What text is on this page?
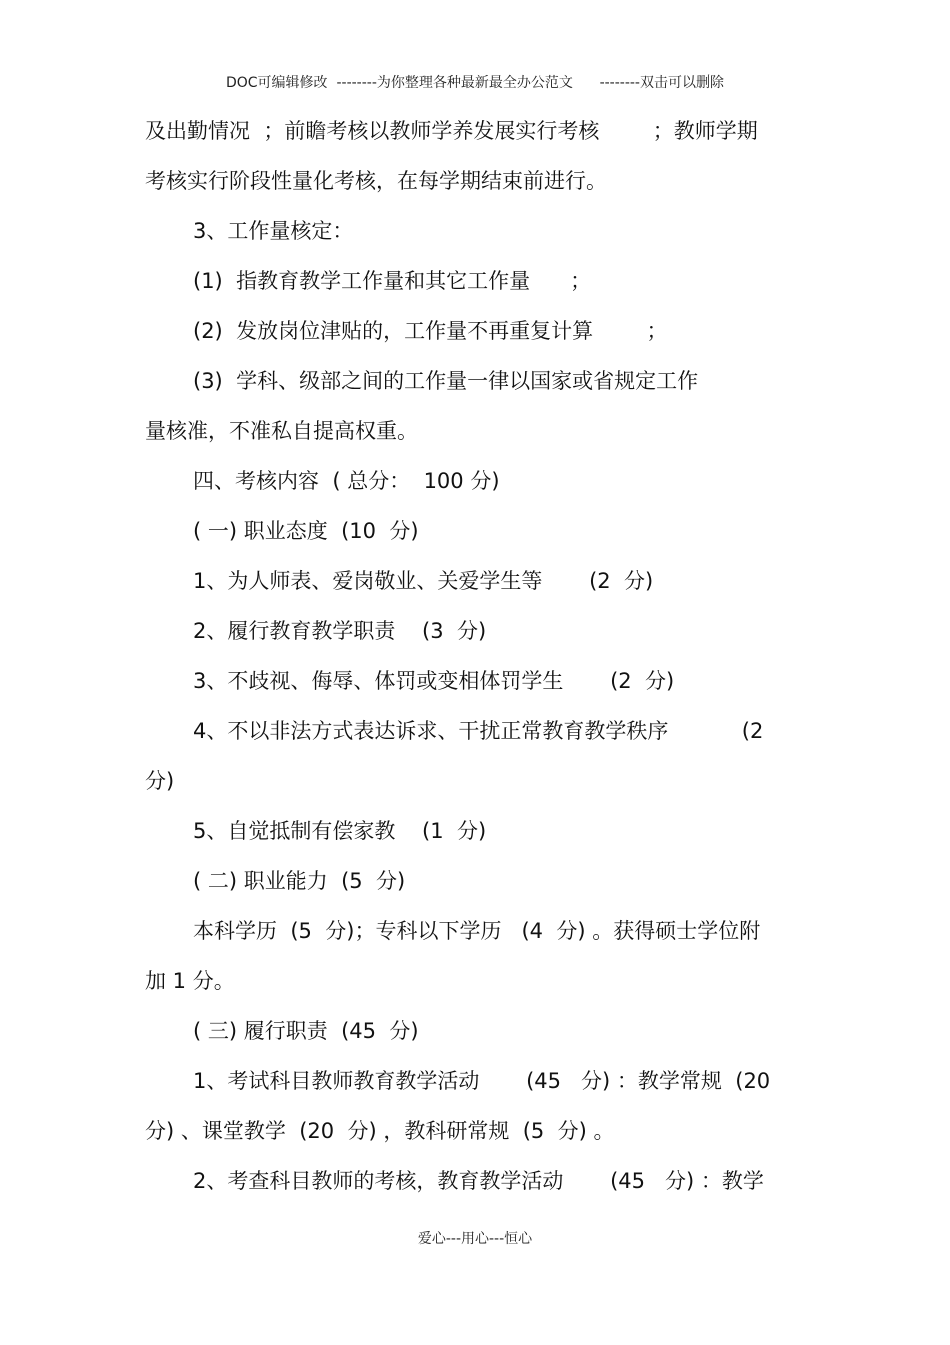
DOC可编辑修改  --------为你整理各种最新最全办公范文      --------双击可以删除
及出勤情况  ；前瞻考核以教师学养发展实行考核        ；教师学期
考核实行阶段性量化考核，在每学期结束前进行。
3、工作量核定：
(1)  指教育教学工作量和其它工作量      ；
(2)  发放岗位津贴的，工作量不再重复计算        ；
(3)  学科、级部之间的工作量一律以国家或省规定工作
量核准，不准私自提高权重。
四、考核内容  ( 总分：  100 分)
( 一) 职业态度  (10  分)
1、为人师表、爱岗敬业、关爱学生等       (2  分)
2、履行教育教学职责    (3  分)
3、不歧视、侮辱、体罚或变相体罚学生       (2  分)
4、不以非法方式表达诉求、干扰正常教育教学秩序           (2
分)
5、自觉抵制有偿家教    (1  分)
( 二) 职业能力  (5  分)
本科学历  (5  分)；专科以下学历   (4  分) 。获得硕士学位附
加 1 分。
( 三) 履行职责  (45  分)
1、考试科目教师教育教学活动       (45   分) ：教学常规  (20
分) 、课堂教学  (20  分) ，教科研常规  (5  分) 。
2、考查科目教师的考核，教育教学活动       (45   分) ：教学
爱心---用心---恒心
